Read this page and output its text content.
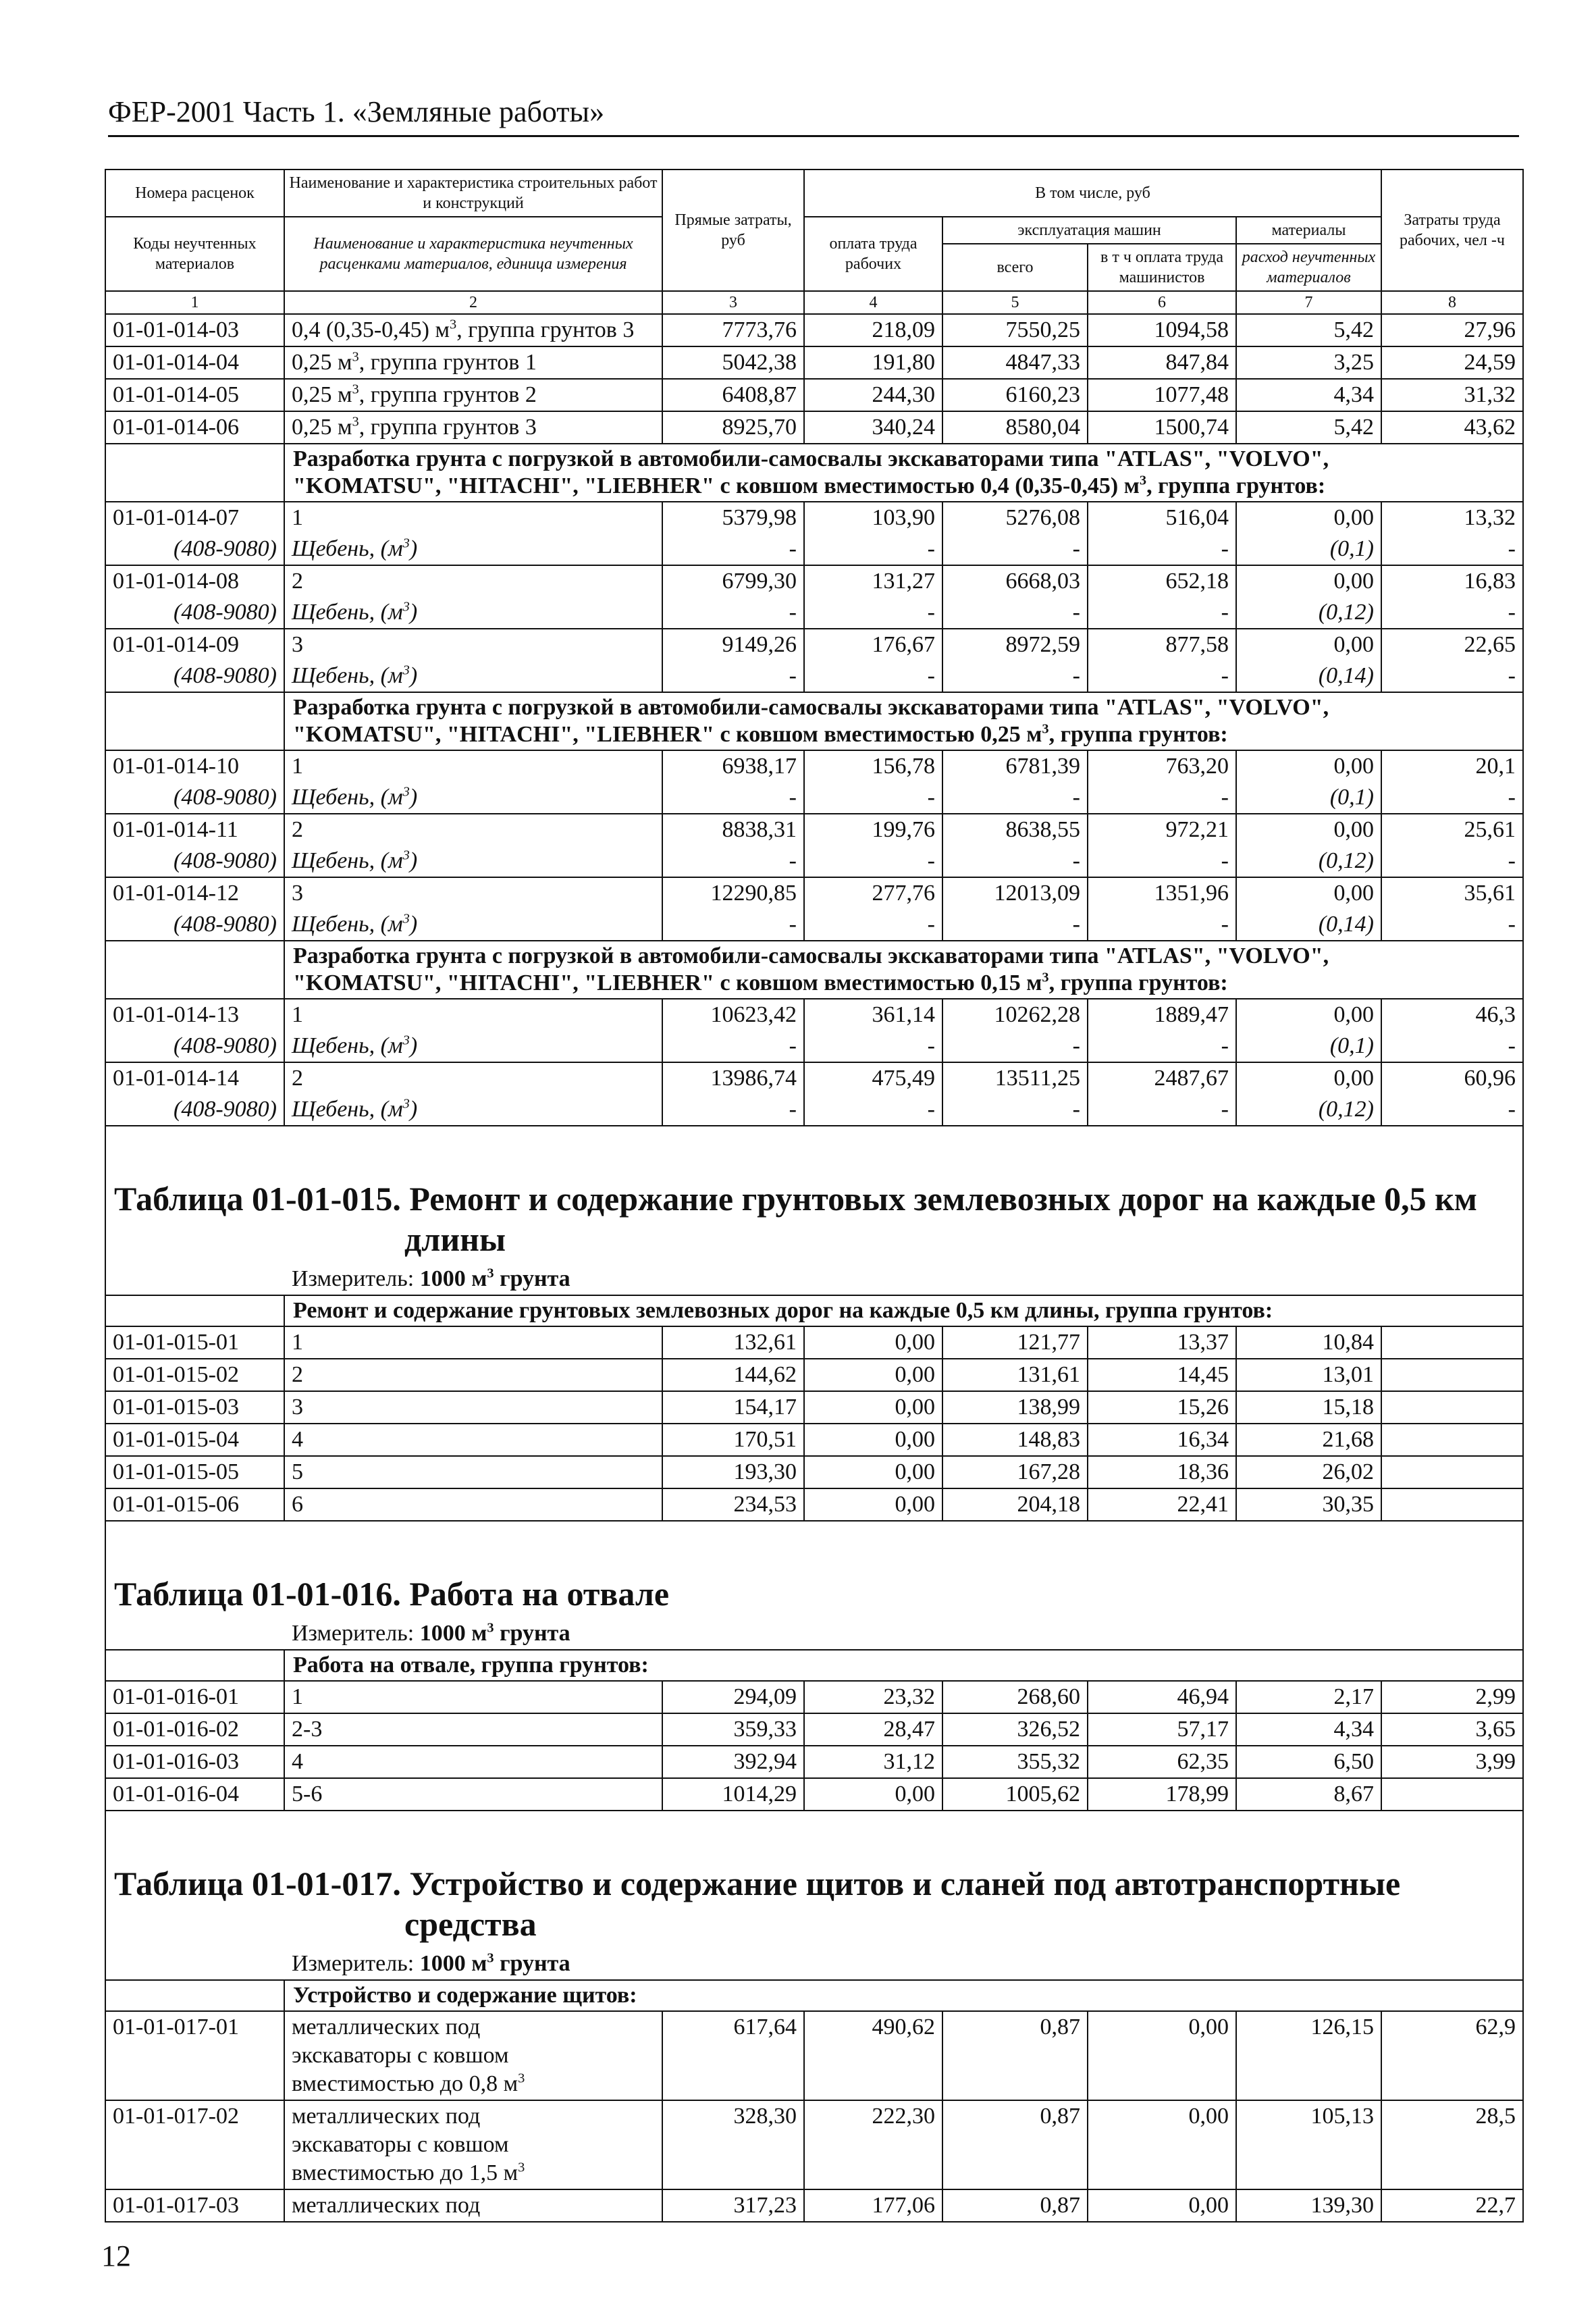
ФЕР-2001 Часть 1. «Земляные работы»
Номера расценок	Наименование и характеристика строительных работ и конструкций	Прямые затраты, руб	В том числе, руб				Затраты труда рабочих, чел -ч
Коды неучтенных материалов	Наименование и характеристика неучтенных расценками материалов, единица измерения		оплата труда рабочих	эксплуатация машин		материалы	
				всего	в т ч оплата труда машинистов	расход неучтенных материалов	
1	2	3	4	5	6	7	8
01-01-014-03	0,4 (0,35-0,45) $м^3$, группа грунтов 3	7773,76	218,09	7550,25	1094,58	5,42	27,96
01-01-014-04	0,25 $м^3$, группа грунтов 1	5042,38	191,80	4847,33	847,84	3,25	24,59
01-01-014-05	0,25 $м^3$, группа грунтов 2	6408,87	244,30	6160,23	1077,48	4,34	31,32
01-01-014-06	0,25 $м^3$, группа грунтов 3	8925,70	340,24	8580,04	1500,74	5,42	43,62
	Разработка грунта с погрузкой в автомобили-самосвалы экскаваторами типа "ATLAS", "VOLVO",
"KOMATSU", "HITACHI", "LIEBHER" с ковшом вместимостью 0,4 (0,35-0,45) $м^3$, группа грунтов:						
01-01-014-07	1	5379,98	103,90	5276,08	516,04	0,00	13,32
(408-9080)	Щебень, $(м^3)$	-	-	-	-	(0,1)	-
01-01-014-08	2	6799,30	131,27	6668,03	652,18	0,00	16,83
(408-9080)	Щебень, $(м^3)$	-	-	-	-	(0,12)	-
01-01-014-09	3	9149,26	176,67	8972,59	877,58	0,00	22,65
(408-9080)	Щебень, $(м^3)$	-	-	-	-	(0,14)	-
	Разработка грунта с погрузкой в автомобили-самосвалы экскаваторами типа "ATLAS", "VOLVO",
"KOMATSU", "HITACHI", "LIEBHER" с ковшом вместимостью 0,25 $м^3$, группа грунтов:						
01-01-014-10	1	6938,17	156,78	6781,39	763,20	0,00	20,1
(408-9080)	Щебень, $(м^3)$	-	-	-	-	(0,1)	-
01-01-014-11	2	8838,31	199,76	8638,55	972,21	0,00	25,61
(408-9080)	Щебень, $(м^3)$	-	-	-	-	(0,12)	-
01-01-014-12	3	12290,85	277,76	12013,09	1351,96	0,00	35,61
(408-9080)	Щебень, $(м^3)$	-	-	-	-	(0,14)	-
	Разработка грунта с погрузкой в автомобили-самосвалы экскаваторами типа "ATLAS", "VOLVO",
"KOMATSU", "HITACHI", "LIEBHER" с ковшом вместимостью 0,15 $м^3$, группа грунтов:						
01-01-014-13	1	10623,42	361,14	10262,28	1889,47	0,00	46,3
(408-9080)	Щебень, $(м^3)$	-	-	-	-	(0,1)	-
01-01-014-14	2	13986,74	475,49	13511,25	2487,67	0,00	60,96
(408-9080)	Щебень, $(м^3)$	-	-	-	-	(0,12)	-

Таблица 01-01-015. Ремонт и содержание грунтовых землевозных дорог на каждые 0,5 км
длины							

Измеритель: 1000 $м^3$ грунта							
	Ремонт и содержание грунтовых землевозных дорог на каждые 0,5 км длины, группа грунтов:						
01-01-015-01	1	132,61	0,00	121,77	13,37	10,84	
01-01-015-02	2	144,62	0,00	131,61	14,45	13,01	
01-01-015-03	3	154,17	0,00	138,99	15,26	15,18	
01-01-015-04	4	170,51	0,00	148,83	16,34	21,68	
01-01-015-05	5	193,30	0,00	167,28	18,36	26,02	
01-01-015-06	6	234,53	0,00	204,18	22,41	30,35	

Таблица 01-01-016. Работа на отвале							

Измеритель: 1000 $м^3$ грунта							
	Работа на отвале, группа грунтов:						
01-01-016-01	1	294,09	23,32	268,60	46,94	2,17	2,99
01-01-016-02	2-3	359,33	28,47	326,52	57,17	4,34	3,65
01-01-016-03	4	392,94	31,12	355,32	62,35	6,50	3,99
01-01-016-04	5-6	1014,29	0,00	1005,62	178,99	8,67	

Таблица 01-01-017. Устройство и содержание щитов и сланей под автотранспортные
средства							

Измеритель: 1000 $м^3$ грунта							
	Устройство и содержание щитов:						
01-01-017-01	металлических под
экскаваторы с ковшом
вместимостью до 0,8 $м^3$	617,64	490,62	0,87	0,00	126,15	62,9
01-01-017-02	металлических под
экскаваторы с ковшом
вместимостью до 1,5 $м^3$	328,30	222,30	0,87	0,00	105,13	28,5
01-01-017-03	металлических под	317,23	177,06	0,87	0,00	139,30	22,7
12
